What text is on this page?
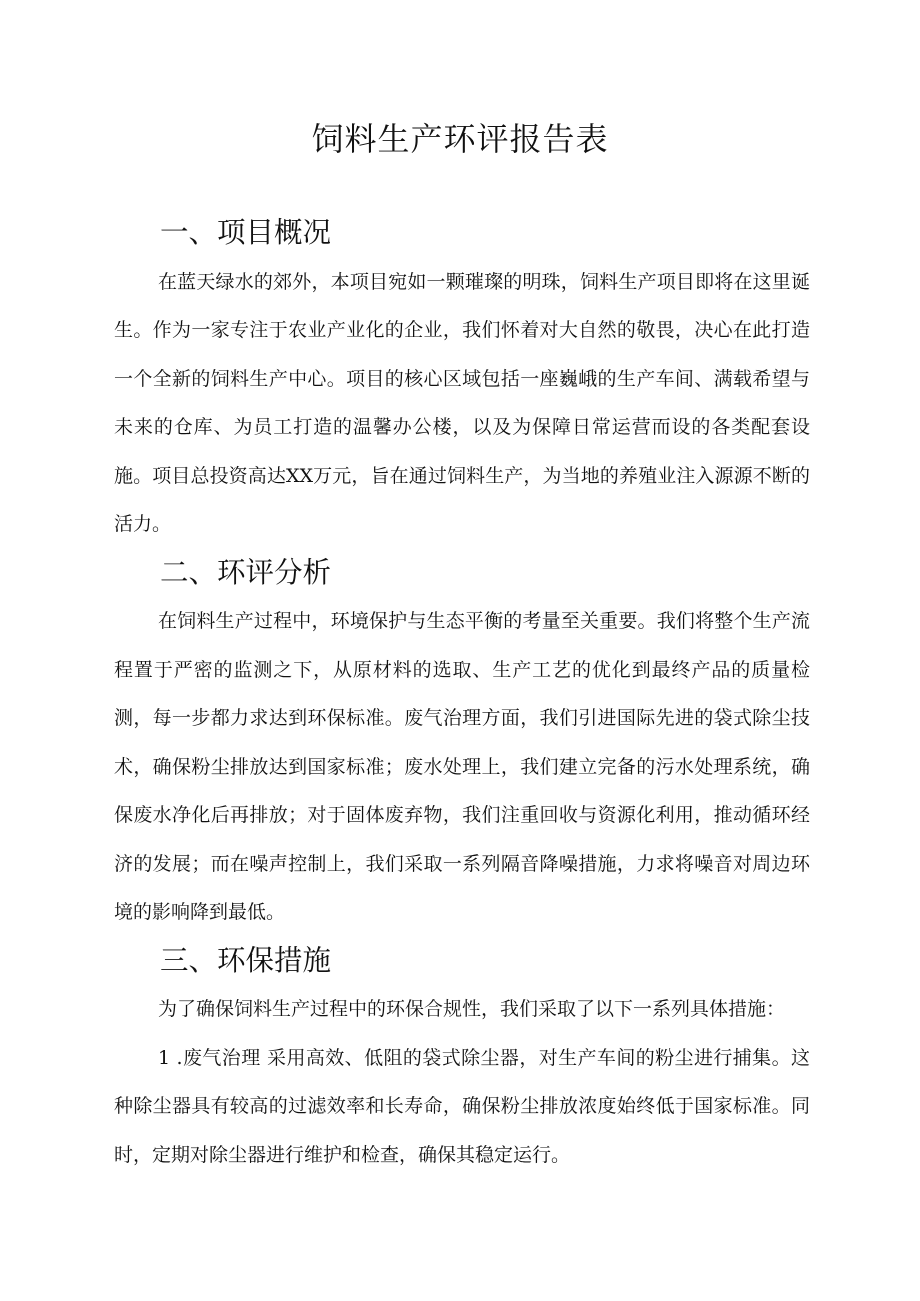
饲料生产环评报告表
一、项目概况

在蓝天绿水的郊外，本项目宛如一颗璀璨的明珠，饲料生产项目即将在这里诞生。作为一家专注于农业产业化的企业，我们怀着对大自然的敬畏，决心在此打造一个全新的饲料生产中心。项目的核心区域包括一座巍峨的生产车间、满载希望与未来的仓库、为员工打造的温馨办公楼，以及为保障日常运营而设的各类配套设施。项目总投资高达XX万元，旨在通过饲料生产，为当地的养殖业注入源源不断的活力。

二、环评分析

在饲料生产过程中，环境保护与生态平衡的考量至关重要。我们将整个生产流程置于严密的监测之下，从原材料的选取、生产工艺的优化到最终产品的质量检测，每一步都力求达到环保标准。废气治理方面，我们引进国际先进的袋式除尘技术，确保粉尘排放达到国家标准；废水处理上，我们建立完备的污水处理系统，确保废水净化后再排放；对于固体废弃物，我们注重回收与资源化利用，推动循环经济的发展；而在噪声控制上，我们采取一系列隔音降噪措施，力求将噪音对周边环境的影响降到最低。

三、环保措施

为了确保饲料生产过程中的环保合规性，我们采取了以下一系列具体措施：

1 .废气治理 采用高效、低阻的袋式除尘器，对生产车间的粉尘进行捕集。这种除尘器具有较高的过滤效率和长寿命，确保粉尘排放浓度始终低于国家标准。同时，定期对除尘器进行维护和检查，确保其稳定运行。
